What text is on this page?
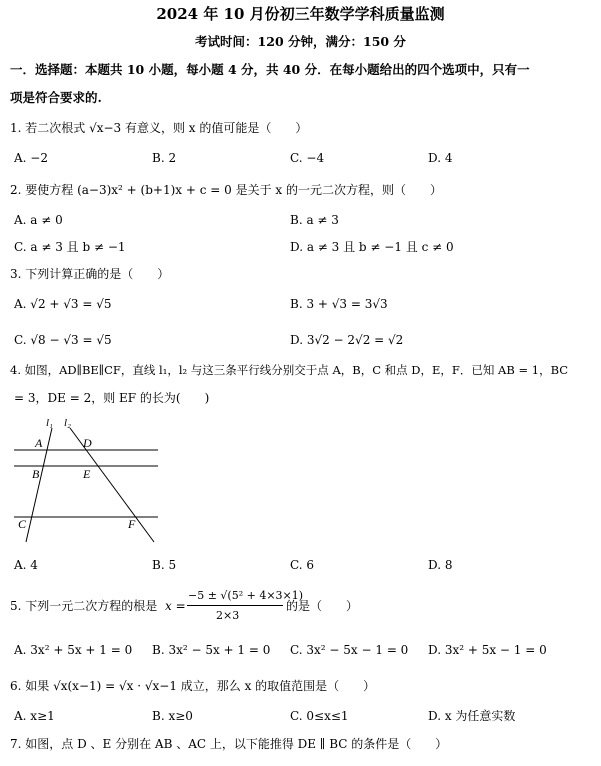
2024 年 10 月份初三年数学学科质量监测
考试时间：120 分钟，满分：150 分
一．选择题：本题共 10 小题，每小题 4 分，共 40 分．在每小题给出的四个选项中，只有一
项是符合要求的.
1. 若二次根式 √x−3 有意义，则 x 的值可能是（　　）
A. −2	B. 2	C. −4	D. 4
2. 要使方程 (a−3)x² + (b+1)x + c = 0 是关于 x 的一元二次方程，则（　　）
A. a ≠ 0	B. a ≠ 3
C. a ≠ 3 且 b ≠ −1	D. a ≠ 3 且 b ≠ −1 且 c ≠ 0
3. 下列计算正确的是（　　）
A. √2 + √3 = √5	B. 3 + √3 = 3√3
C. √8 − √3 = √5	D. 3√2 − 2√2 = √2
4. 如图，AD∥BE∥CF，直线 l₁，l₂ 与这三条平行线分别交于点 A，B，C 和点 D，E，F．已知 AB = 1，BC
= 3，DE = 2，则 EF 的长为(　　)
l₁ l₂
A	D
B	E
C	F
A. 4	B. 5	C. 6	D. 8
5. 下列一元二次方程的根是 x =
−5 ± √(5² + 4×3×1)
2×3
的是（　　）
A. 3x² + 5x + 1 = 0 B. 3x² − 5x + 1 = 0 C. 3x² − 5x − 1 = 0 D. 3x² + 5x − 1 = 0
6. 如果 √x(x−1) = √x · √x−1 成立，那么 x 的取值范围是（　　）
A. x≥1	B. x≥0	C. 0≤x≤1	D. x 为任意实数
7. 如图，点 D 、E 分别在 AB 、AC 上，以下能推得 DE ∥ BC 的条件是（　　）
